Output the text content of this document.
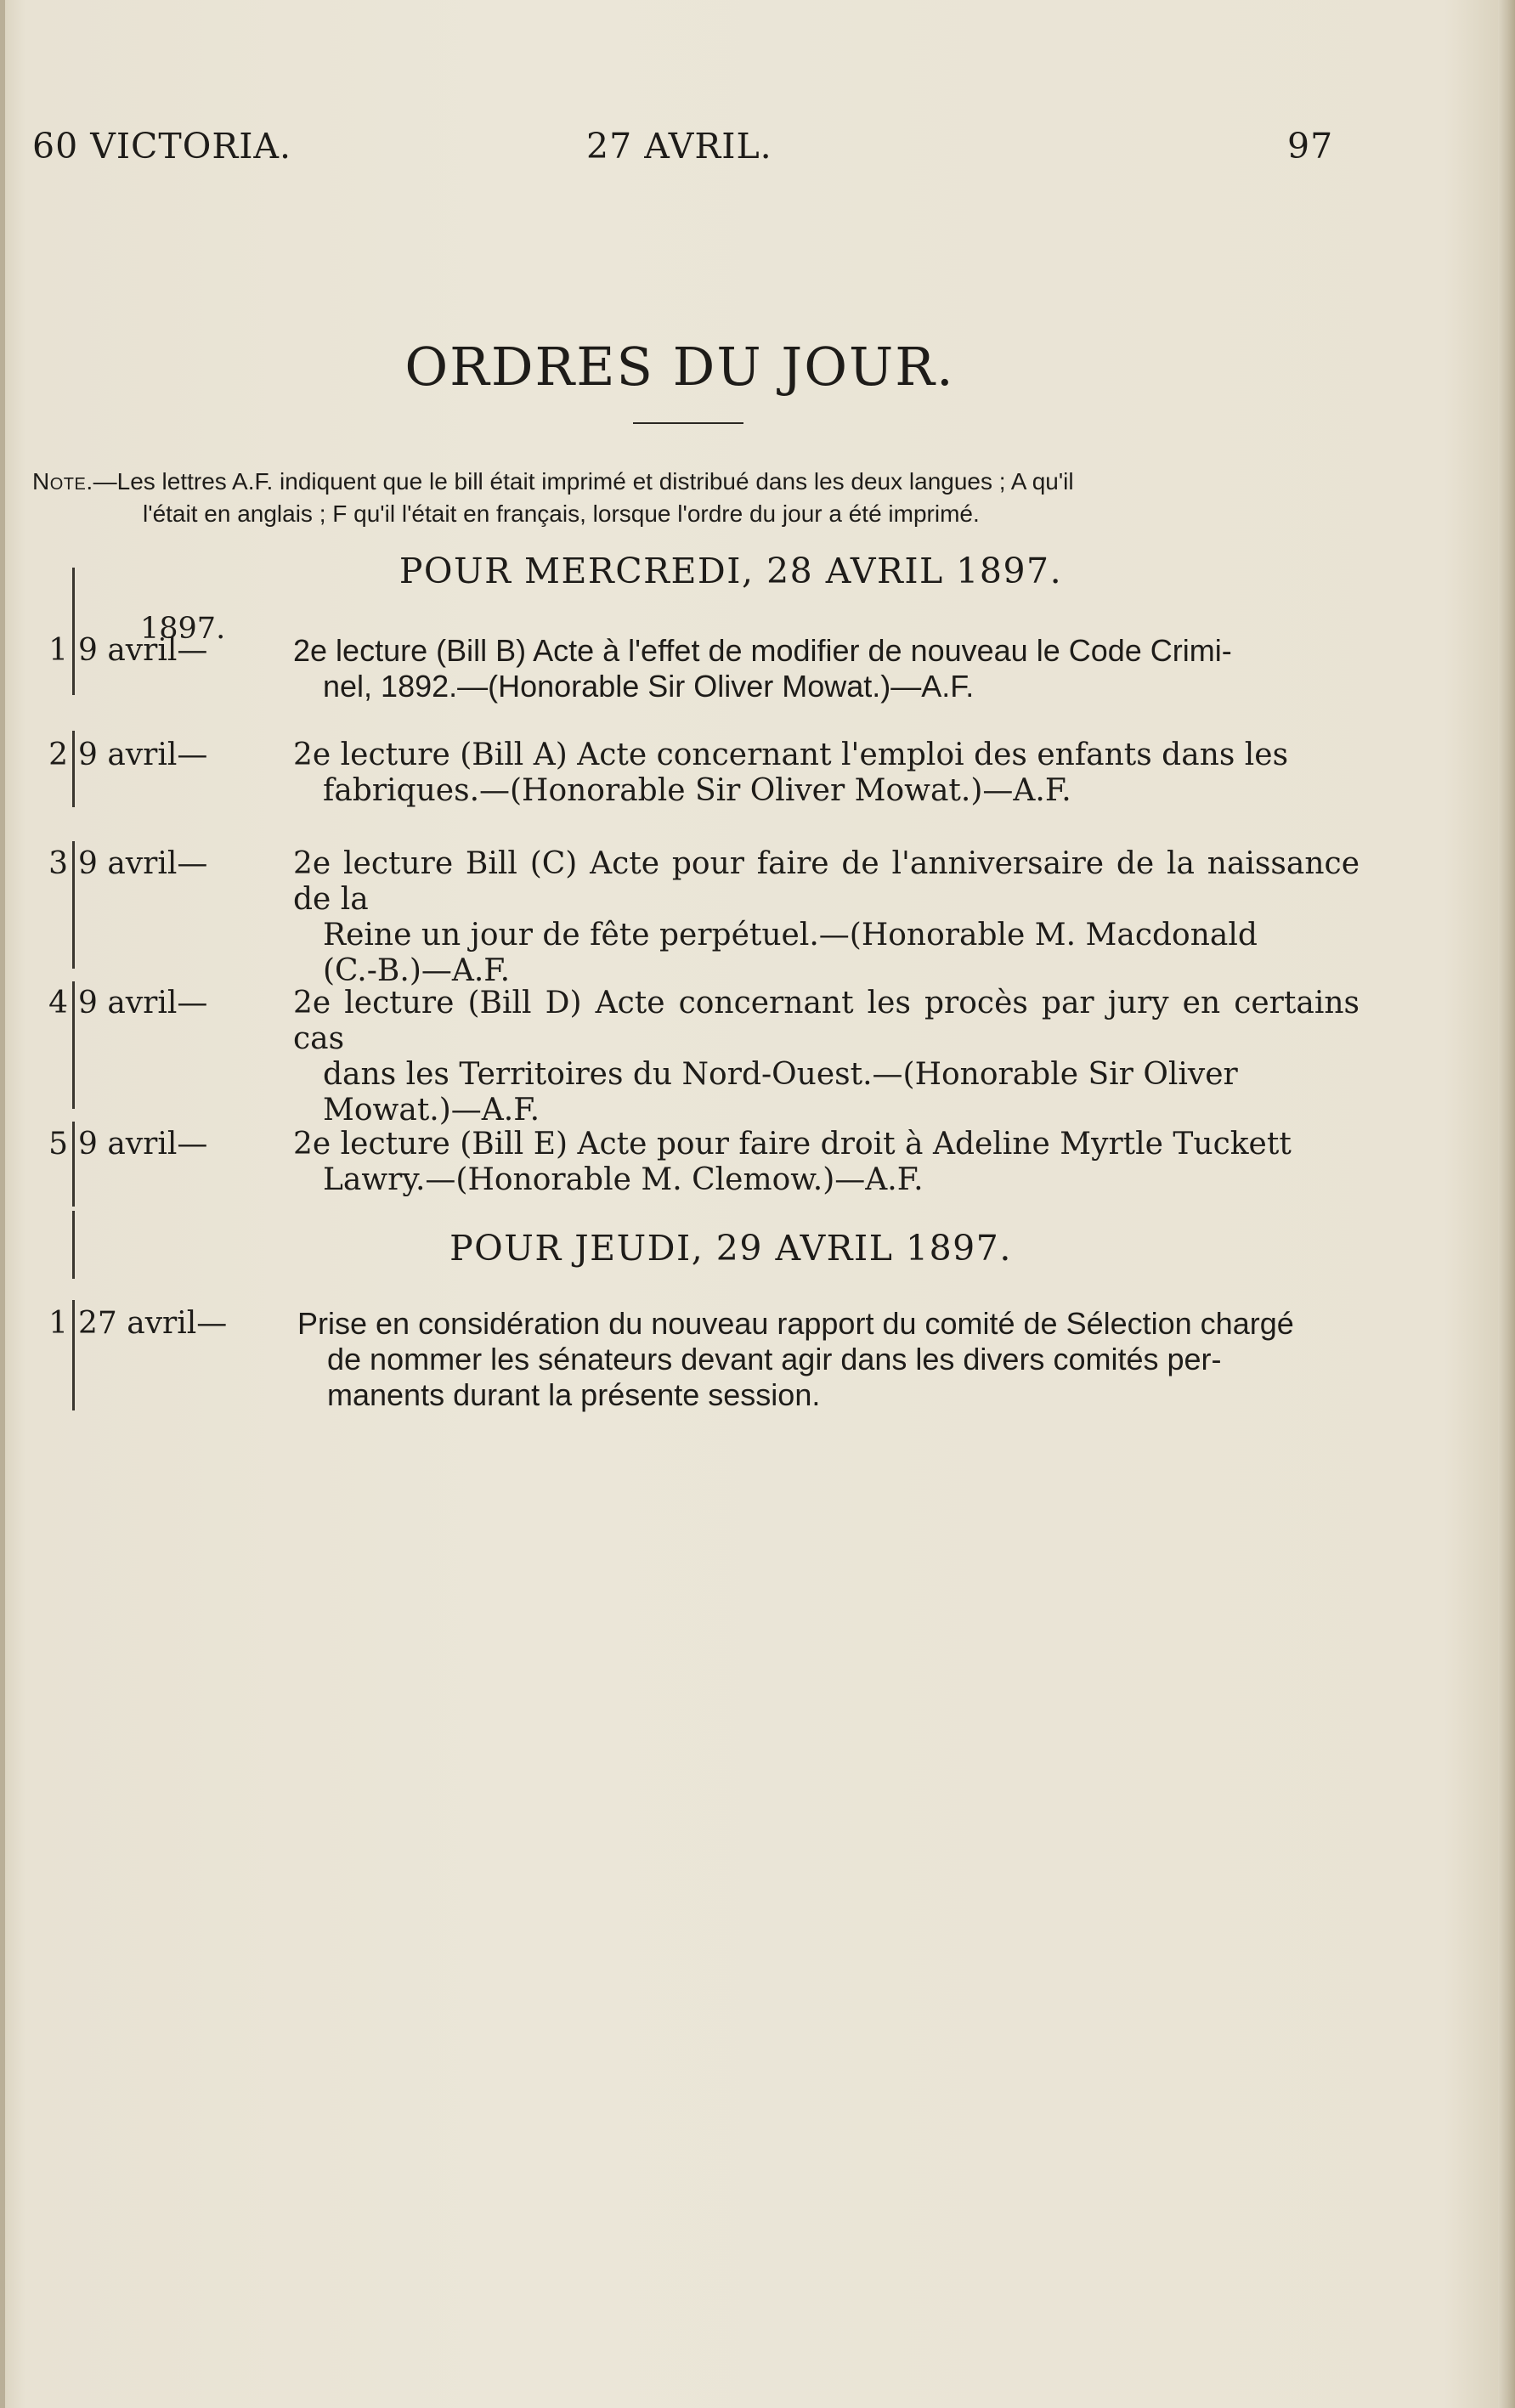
60 VICTORIA.	27 AVRIL.	97
ORDRES DU JOUR.
Note.—Les lettres A.F. indiquent que le bill était imprimé et distribué dans les deux langues ; A qu'il
l'était en anglais ; F qu'il l'était en français, lorsque l'ordre du jour a été imprimé.
POUR MERCREDI, 28 AVRIL 1897.
1897.
1 9 avril—	2e lecture (Bill B) Acte à l'effet de modifier de nouveau le Code Crimi-
nel, 1892.—(Honorable Sir Oliver Mowat.)—A.F.
2 9 avril—	2e lecture (Bill A) Acte concernant l'emploi des enfants dans les
fabriques.—(Honorable Sir Oliver Mowat.)—A.F.
3 9 avril—	2e lecture Bill (C) Acte pour faire de l'anniversaire de la naissance de la
Reine un jour de fête perpétuel.—(Honorable M. Macdonald
(C.-B.)—A.F.
4 9 avril—	2e lecture (Bill D) Acte concernant les procès par jury en certains cas
dans les Territoires du Nord-Ouest.—(Honorable Sir Oliver
Mowat.)—A.F.
5 9 avril—	2e lecture (Bill E) Acte pour faire droit à Adeline Myrtle Tuckett
Lawry.—(Honorable M. Clemow.)—A.F.
POUR JEUDI, 29 AVRIL 1897.
1 27 avril— Prise en considération du nouveau rapport du comité de Sélection chargé
de nommer les sénateurs devant agir dans les divers comités per-
manents durant la présente session.
